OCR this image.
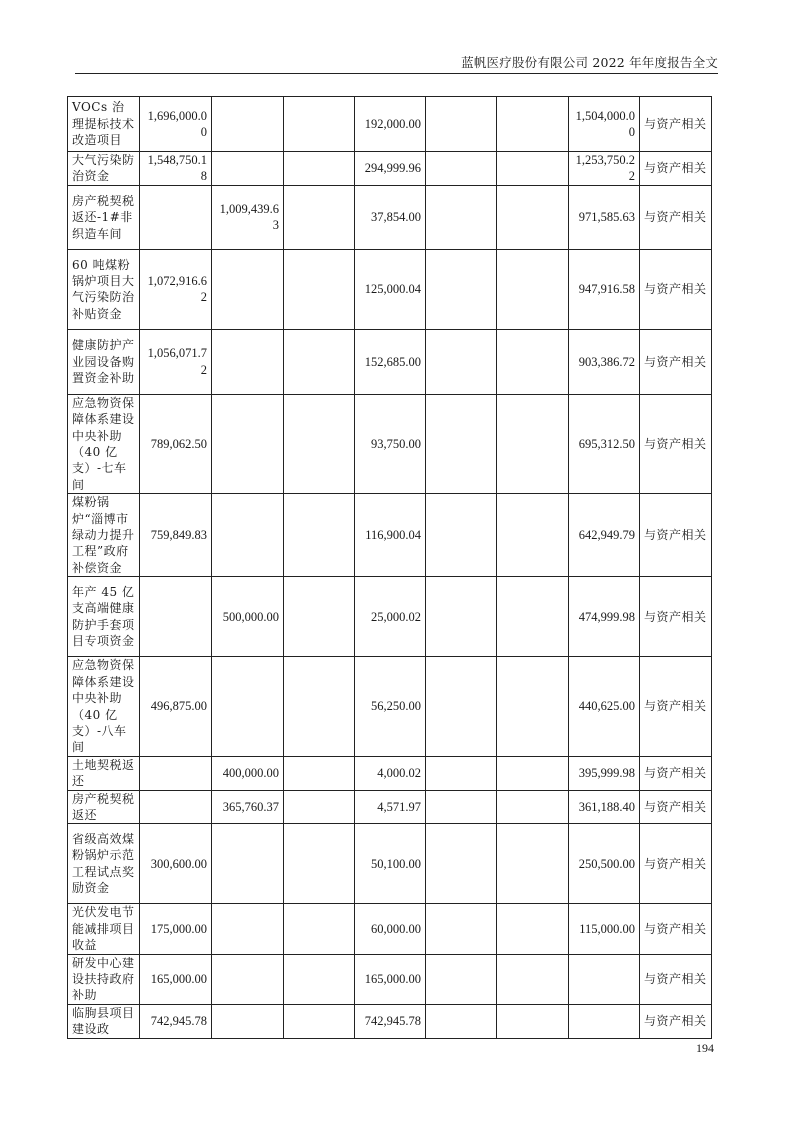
蓝帆医疗股份有限公司 2022 年年度报告全文
VOCs 治理提标技术改造项目	1,696,000.00			192,000.00			1,504,000.00	与资产相关
大气污染防治资金	1,548,750.18			294,999.96			1,253,750.22	与资产相关
房产税契税返还-1#非织造车间		1,009,439.63		37,854.00			971,585.63	与资产相关
60 吨煤粉锅炉项目大气污染防治补贴资金	1,072,916.62			125,000.04			947,916.58	与资产相关
健康防护产业园设备购置资金补助	1,056,071.72			152,685.00			903,386.72	与资产相关
应急物资保障体系建设中央补助（40 亿支）-七车间	789,062.50			93,750.00			695,312.50	与资产相关
煤粉锅炉“淄博市绿动力提升工程”政府补偿资金	759,849.83			116,900.04			642,949.79	与资产相关
年产 45 亿支高端健康防护手套项目专项资金		500,000.00		25,000.02			474,999.98	与资产相关
应急物资保障体系建设中央补助（40 亿支）-八车间	496,875.00			56,250.00			440,625.00	与资产相关
土地契税返还		400,000.00		4,000.02			395,999.98	与资产相关
房产税契税返还		365,760.37		4,571.97			361,188.40	与资产相关
省级高效煤粉锅炉示范工程试点奖励资金	300,600.00			50,100.00			250,500.00	与资产相关
光伏发电节能减排项目收益	175,000.00			60,000.00			115,000.00	与资产相关
研发中心建设扶持政府补助	165,000.00			165,000.00				与资产相关
临朐县项目建设政	742,945.78			742,945.78				与资产相关
194
